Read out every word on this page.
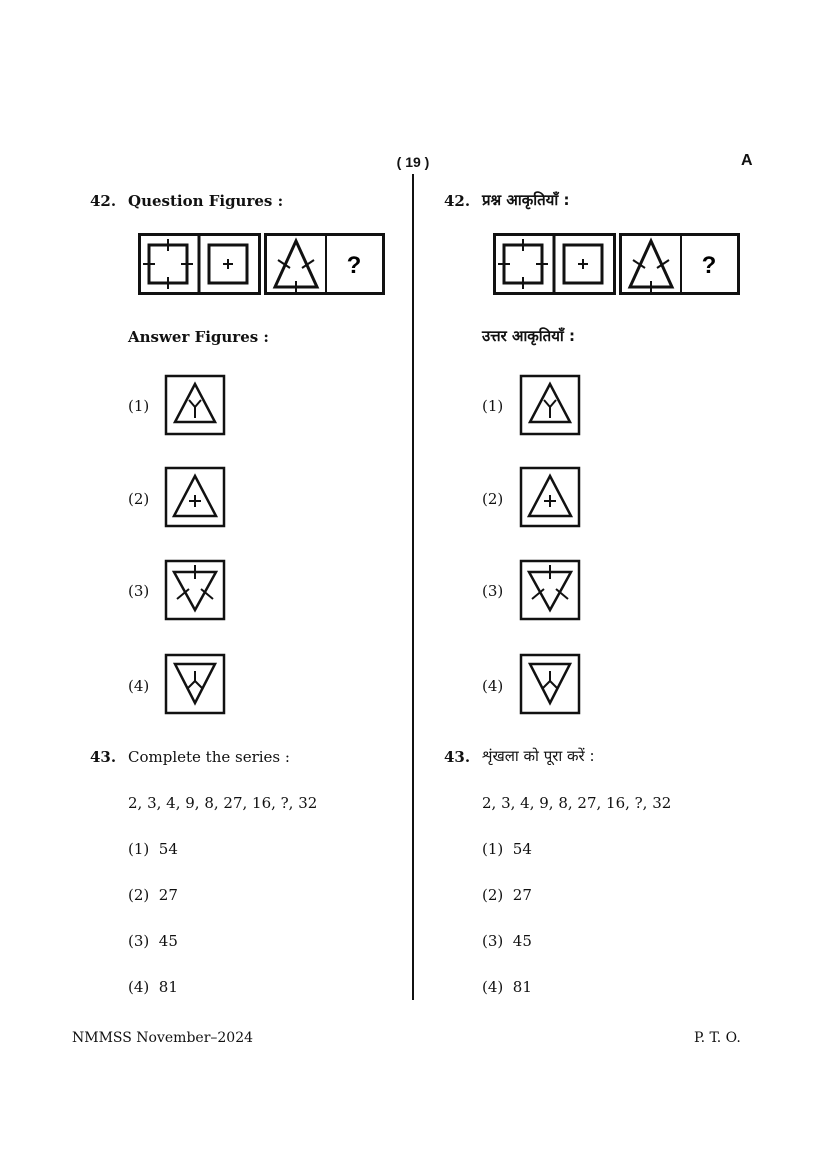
( 19 )	A
42. Question Figures :
?
Answer Figures :
(1)
(2)
(3)
(4)
43. Complete the series :
2, 3, 4, 9, 8, 27, 16, ?, 32
(1) 54
(2) 27
(3) 45
(4) 81
42. प्रश्न आकृतियाँ :
?
उत्तर आकृतियाँ :
(1)
(2)
(3)
(4)
43. शृंखला को पूरा करें :
2, 3, 4, 9, 8, 27, 16, ?, 32
(1) 54
(2) 27
(3) 45
(4) 81
NMMSS November–2024	P. T. O.
